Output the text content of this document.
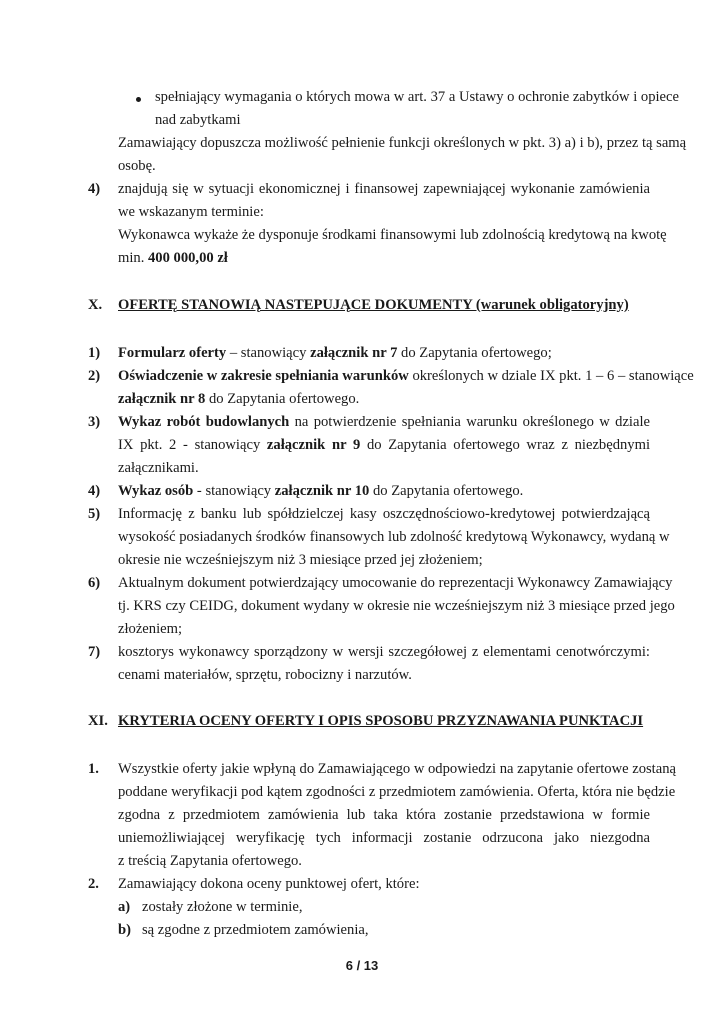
spełniający wymagania o których mowa w art. 37 a Ustawy o ochronie zabytków i opiece
nad zabytkami
Zamawiający dopuszcza możliwość pełnienie funkcji określonych w pkt. 3) a) i b), przez tą samą
osobę.
4) znajdują się w sytuacji ekonomicznej i finansowej zapewniającej wykonanie zamówienia
we wskazanym terminie:
Wykonawca wykaże że dysponuje środkami finansowymi lub zdolnością kredytową na kwotę
min. 400 000,00 zł
X. OFERTĘ STANOWIĄ NASTEPUJĄCE DOKUMENTY (warunek obligatoryjny)
1) Formularz oferty – stanowiący załącznik nr 7 do Zapytania ofertowego;
2) Oświadczenie w zakresie spełniania warunków określonych w dziale IX pkt. 1 – 6 – stanowiące
załącznik nr 8 do Zapytania ofertowego.
3) Wykaz robót budowlanych na potwierdzenie spełniania warunku określonego w dziale
IX pkt. 2 - stanowiący załącznik nr 9 do Zapytania ofertowego wraz z niezbędnymi
załącznikami.
4) Wykaz osób - stanowiący załącznik nr 10 do Zapytania ofertowego.
5) Informację z banku lub spółdzielczej kasy oszczędnościowo-kredytowej potwierdzającą
wysokość posiadanych środków finansowych lub zdolność kredytową Wykonawcy, wydaną w
okresie nie wcześniejszym niż 3 miesiące przed jej złożeniem;
6) Aktualnym dokument potwierdzający umocowanie do reprezentacji Wykonawcy Zamawiający
tj. KRS czy CEIDG, dokument wydany w okresie nie wcześniejszym niż 3 miesiące przed jego
złożeniem;
7) kosztorys wykonawcy sporządzony w wersji szczegółowej z elementami cenotwórczymi:
cenami materiałów, sprzętu, robocizny i narzutów.
XI. KRYTERIA OCENY OFERTY I OPIS SPOSOBU PRZYZNAWANIA PUNKTACJI
1. Wszystkie oferty jakie wpłyną do Zamawiającego w odpowiedzi na zapytanie ofertowe zostaną
poddane weryfikacji pod kątem zgodności z przedmiotem zamówienia. Oferta, która nie będzie
zgodna z przedmiotem zamówienia lub taka która zostanie przedstawiona w formie
uniemożliwiającej weryfikację tych informacji zostanie odrzucona jako niezgodna
z treścią Zapytania ofertowego.
2. Zamawiający dokona oceny punktowej ofert, które:
a) zostały złożone w terminie,
b) są zgodne z przedmiotem zamówienia,
6 / 13
